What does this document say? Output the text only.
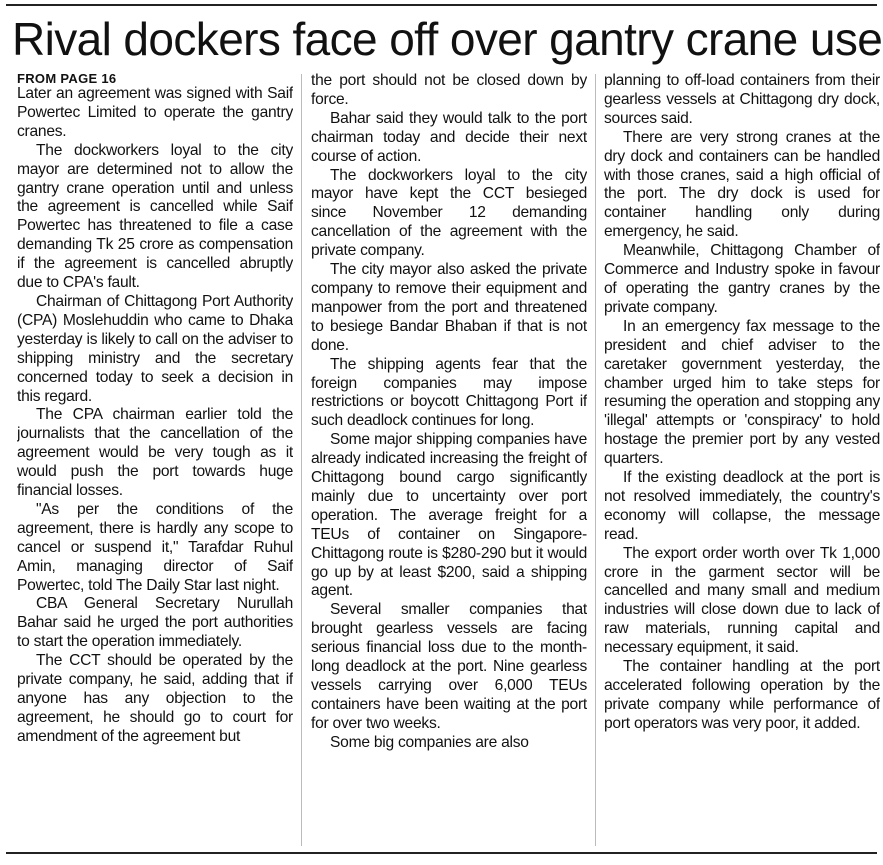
Rival dockers face off over gantry crane use

FROM PAGE 16

Later an agreement was signed with Saif Powertec Limited to operate the gantry cranes.

The dockworkers loyal to the city mayor are determined not to allow the gantry crane operation until and unless the agreement is cancelled while Saif Powertec has threatened to file a case demanding Tk 25 crore as compensation if the agreement is cancelled abruptly due to CPA's fault.

Chairman of Chittagong Port Authority (CPA) Moslehuddin who came to Dhaka yesterday is likely to call on the adviser to shipping ministry and the secretary concerned today to seek a decision in this regard.

The CPA chairman earlier told the journalists that the cancellation of the agreement would be very tough as it would push the port towards huge financial losses.

"As per the conditions of the agreement, there is hardly any scope to cancel or suspend it," Tarafdar Ruhul Amin, managing director of Saif Powertec, told The Daily Star last night.

CBA General Secretary Nurullah Bahar said he urged the port authorities to start the operation immediately.

The CCT should be operated by the private company, he said, adding that if anyone has any objection to the agreement, he should go to court for amendment of the agreement but

the port should not be closed down by force.

Bahar said they would talk to the port chairman today and decide their next course of action.

The dockworkers loyal to the city mayor have kept the CCT besieged since November 12 demanding cancellation of the agreement with the private company.

The city mayor also asked the private company to remove their equipment and manpower from the port and threatened to besiege Bandar Bhaban if that is not done.

The shipping agents fear that the foreign companies may impose restrictions or boycott Chittagong Port if such deadlock continues for long.

Some major shipping companies have already indicated increasing the freight of Chittagong bound cargo significantly mainly due to uncertainty over port operation. The average freight for a TEUs of container on Singapore-Chittagong route is $280-290 but it would go up by at least $200, said a shipping agent.

Several smaller companies that brought gearless vessels are facing serious financial loss due to the month-long deadlock at the port. Nine gearless vessels carrying over 6,000 TEUs containers have been waiting at the port for over two weeks.

Some big companies are also

planning to off-load containers from their gearless vessels at Chittagong dry dock, sources said.

There are very strong cranes at the dry dock and containers can be handled with those cranes, said a high official of the port. The dry dock is used for container handling only during emergency, he said.

Meanwhile, Chittagong Chamber of Commerce and Industry spoke in favour of operating the gantry cranes by the private company.

In an emergency fax message to the president and chief adviser to the caretaker government yesterday, the chamber urged him to take steps for resuming the operation and stopping any 'illegal' attempts or 'conspiracy' to hold hostage the premier port by any vested quarters.

If the existing deadlock at the port is not resolved immediately, the country's economy will collapse, the message read.

The export order worth over Tk 1,000 crore in the garment sector will be cancelled and many small and medium industries will close down due to lack of raw materials, running capital and necessary equipment, it said.

The container handling at the port accelerated following operation by the private company while performance of port operators was very poor, it added.
